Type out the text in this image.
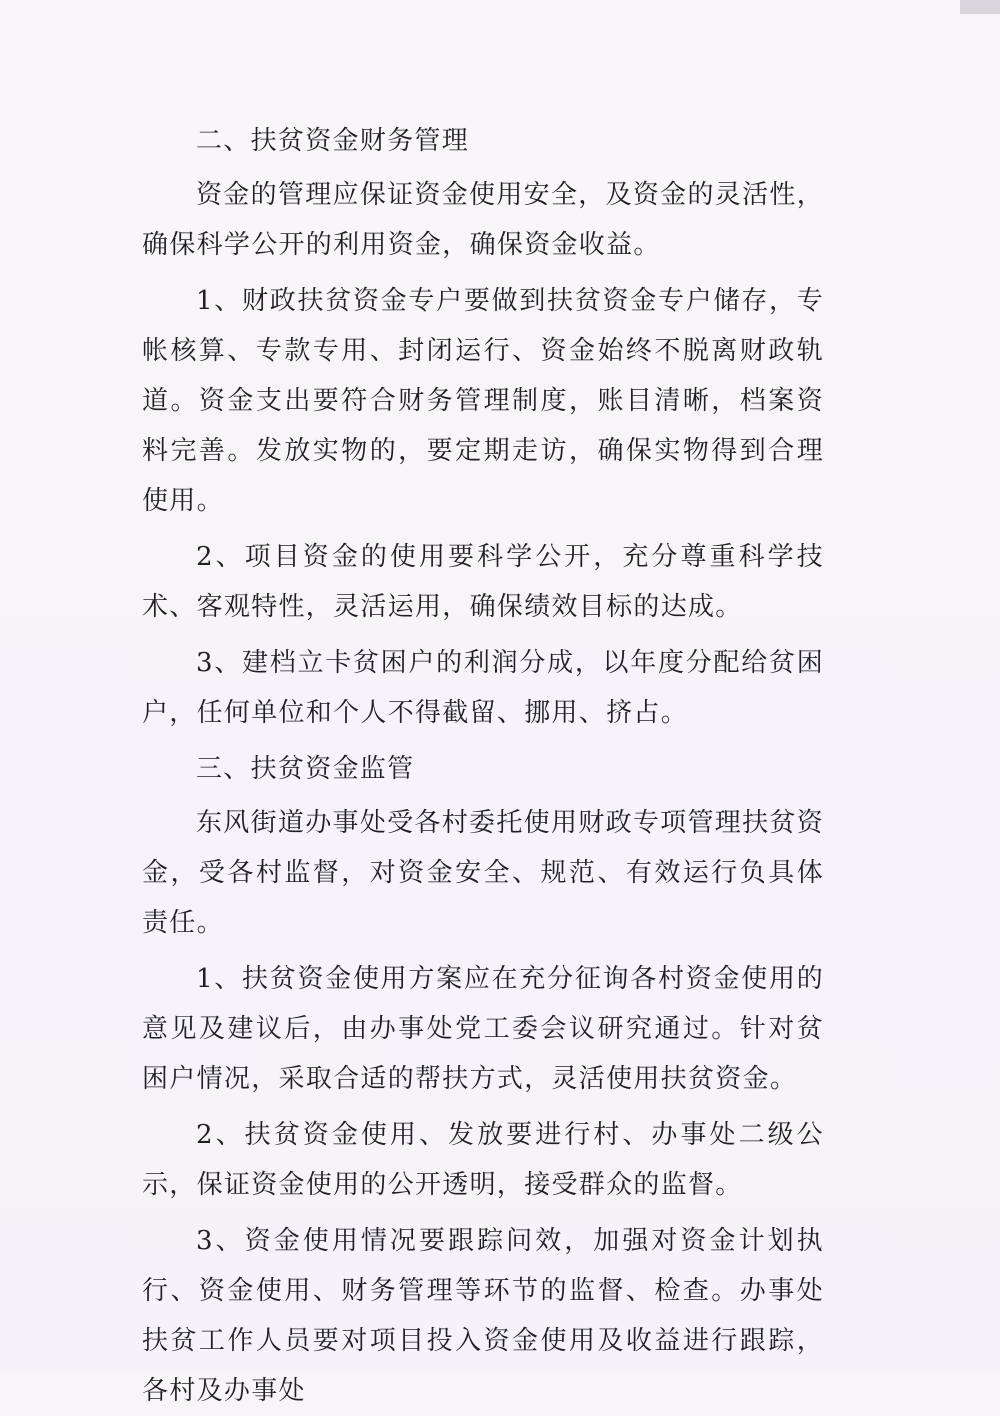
二、扶贫资金财务管理

资金的管理应保证资金使用安全，及资金的灵活性，确保科学公开的利用资金，确保资金收益。

1、财政扶贫资金专户要做到扶贫资金专户储存，专帐核算、专款专用、封闭运行、资金始终不脱离财政轨道。资金支出要符合财务管理制度，账目清晰，档案资料完善。发放实物的，要定期走访，确保实物得到合理使用。

2、项目资金的使用要科学公开，充分尊重科学技术、客观特性，灵活运用，确保绩效目标的达成。

3、建档立卡贫困户的利润分成，以年度分配给贫困户，任何单位和个人不得截留、挪用、挤占。

三、扶贫资金监管

东风街道办事处受各村委托使用财政专项管理扶贫资金，受各村监督，对资金安全、规范、有效运行负具体责任。

1、扶贫资金使用方案应在充分征询各村资金使用的意见及建议后，由办事处党工委会议研究通过。针对贫困户情况，采取合适的帮扶方式，灵活使用扶贫资金。

2、扶贫资金使用、发放要进行村、办事处二级公示，保证资金使用的公开透明，接受群众的监督。

3、资金使用情况要跟踪问效，加强对资金计划执行、资金使用、财务管理等环节的监督、检查。办事处扶贫工作人员要对项目投入资金使用及收益进行跟踪，各村及办事处
